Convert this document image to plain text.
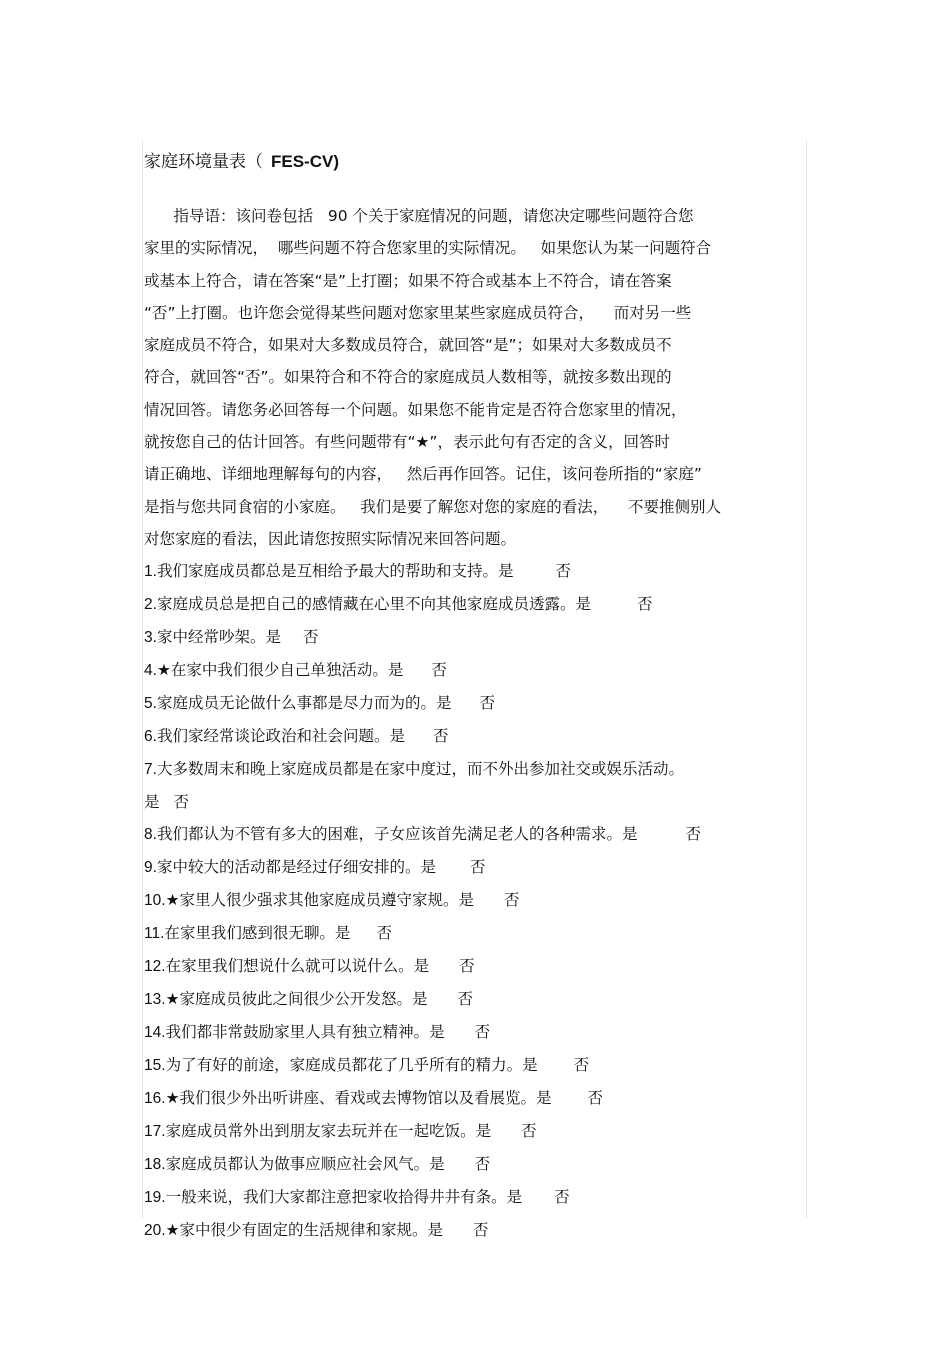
家庭环境量表（ FES-CV)
指导语：该问卷包括   90 个关于家庭情况的问题，请您决定哪些问题符合您
家里的实际情况，  哪些问题不符合您家里的实际情况。   如果您认为某一问题符合
或基本上符合，请在答案“是”上打圈；如果不符合或基本上不符合，请在答案
“否”上打圈。也许您会觉得某些问题对您家里某些家庭成员符合，    而对另一些
家庭成员不符合，如果对大多数成员符合，就回答“是”；如果对大多数成员不
符合，就回答“否”。如果符合和不符合的家庭成员人数相等，就按多数出现的
情况回答。请您务必回答每一个问题。如果您不能肯定是否符合您家里的情况，
就按您自己的估计回答。有些问题带有“★”，表示此句有否定的含义，回答时
请正确地、详细地理解每句的内容，   然后再作回答。记住，该问卷所指的“家庭”
是指与您共同食宿的小家庭。   我们是要了解您对您的家庭的看法，    不要推侧别人
对您家庭的看法，因此请您按照实际情况来回答问题。
1.我们家庭成员都总是互相给予最大的帮助和支持。是	否
2.家庭成员总是把自己的感情藏在心里不向其他家庭成员透露。是	否
3.家中经常吵架。是 否
4.★在家中我们很少自己单独活动。是 否
5.家庭成员无论做什么事都是尽力而为的。是 否
6.我们家经常谈论政治和社会问题。是 否
7.大多数周末和晚上家庭成员都是在家中度过，而不外出参加社交或娱乐活动。
是 否
8.我们都认为不管有多大的困难，子女应该首先满足老人的各种需求。是	否
9.家中较大的活动都是经过仔细安排的。是 否
10.★家里人很少强求其他家庭成员遵守家规。是 否
11.在家里我们感到很无聊。是 否
12.在家里我们想说什么就可以说什么。是 否
13.★家庭成员彼此之间很少公开发怒。是 否
14.我们都非常鼓励家里人具有独立精神。是 否
15.为了有好的前途，家庭成员都花了几乎所有的精力。是 否
16.★我们很少外出听讲座、看戏或去博物馆以及看展览。是 否
17.家庭成员常外出到朋友家去玩并在一起吃饭。是 否
18.家庭成员都认为做事应顺应社会风气。是 否
19.一般来说，我们大家都注意把家收拾得井井有条。是 否
20.★家中很少有固定的生活规律和家规。是 否
